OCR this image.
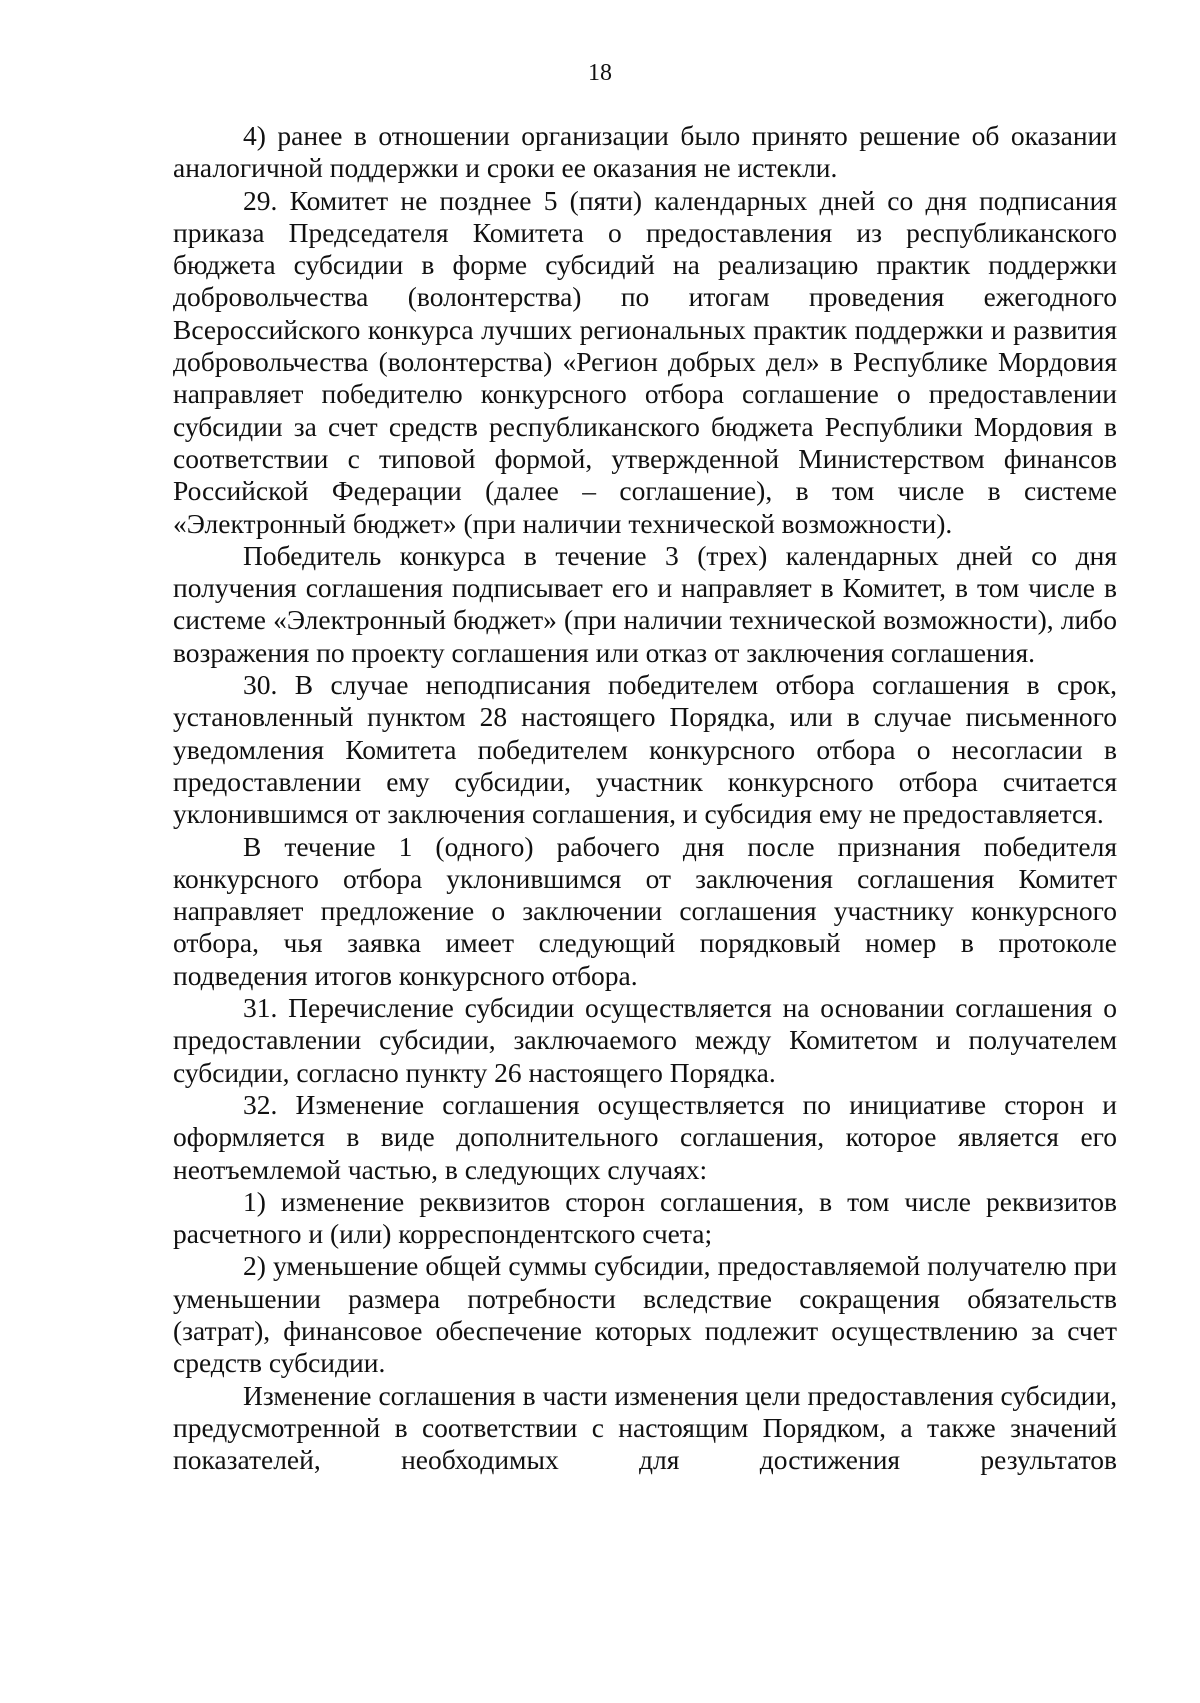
18

4) ранее в отношении организации было принято решение об оказании аналогичной поддержки и сроки ее оказания не истекли.

29. Комитет не позднее 5 (пяти) календарных дней со дня подписания приказа Председателя Комитета о предоставления из республиканского бюджета субсидии в форме субсидий на реализацию практик поддержки добровольчества (волонтерства) по итогам проведения ежегодного Всероссийского конкурса лучших региональных практик поддержки и развития добровольчества (волонтерства) «Регион добрых дел» в Республике Мордовия направляет победителю конкурсного отбора соглашение о предоставлении субсидии за счет средств республиканского бюджета Республики Мордовия в соответствии с типовой формой, утвержденной Министерством финансов Российской Федерации (далее – соглашение), в том числе в системе «Электронный бюджет» (при наличии технической возможности).

Победитель конкурса в течение 3 (трех) календарных дней со дня получения соглашения подписывает его и направляет в Комитет, в том числе в системе «Электронный бюджет» (при наличии технической возможности), либо возражения по проекту соглашения или отказ от заключения соглашения.

30. В случае неподписания победителем отбора соглашения в срок, установленный пунктом 28 настоящего Порядка, или в случае письменного уведомления Комитета победителем конкурсного отбора о несогласии в предоставлении ему субсидии, участник конкурсного отбора считается уклонившимся от заключения соглашения, и субсидия ему не предоставляется.

В течение 1 (одного) рабочего дня после признания победителя конкурсного отбора уклонившимся от заключения соглашения Комитет направляет предложение о заключении соглашения участнику конкурсного отбора, чья заявка имеет следующий порядковый номер в протоколе подведения итогов конкурсного отбора.

31. Перечисление субсидии осуществляется на основании соглашения о предоставлении субсидии, заключаемого между Комитетом и получателем субсидии, согласно пункту 26 настоящего Порядка.

32. Изменение соглашения осуществляется по инициативе сторон и оформляется в виде дополнительного соглашения, которое является его неотъемлемой частью, в следующих случаях:

1) изменение реквизитов сторон соглашения, в том числе реквизитов расчетного и (или) корреспондентского счета;

2) уменьшение общей суммы субсидии, предоставляемой получателю при уменьшении размера потребности вследствие сокращения обязательств (затрат), финансовое обеспечение которых подлежит осуществлению за счет средств субсидии.

Изменение соглашения в части изменения цели предоставления субсидии, предусмотренной в соответствии с настоящим Порядком, а также значений показателей, необходимых для достижения результатов
